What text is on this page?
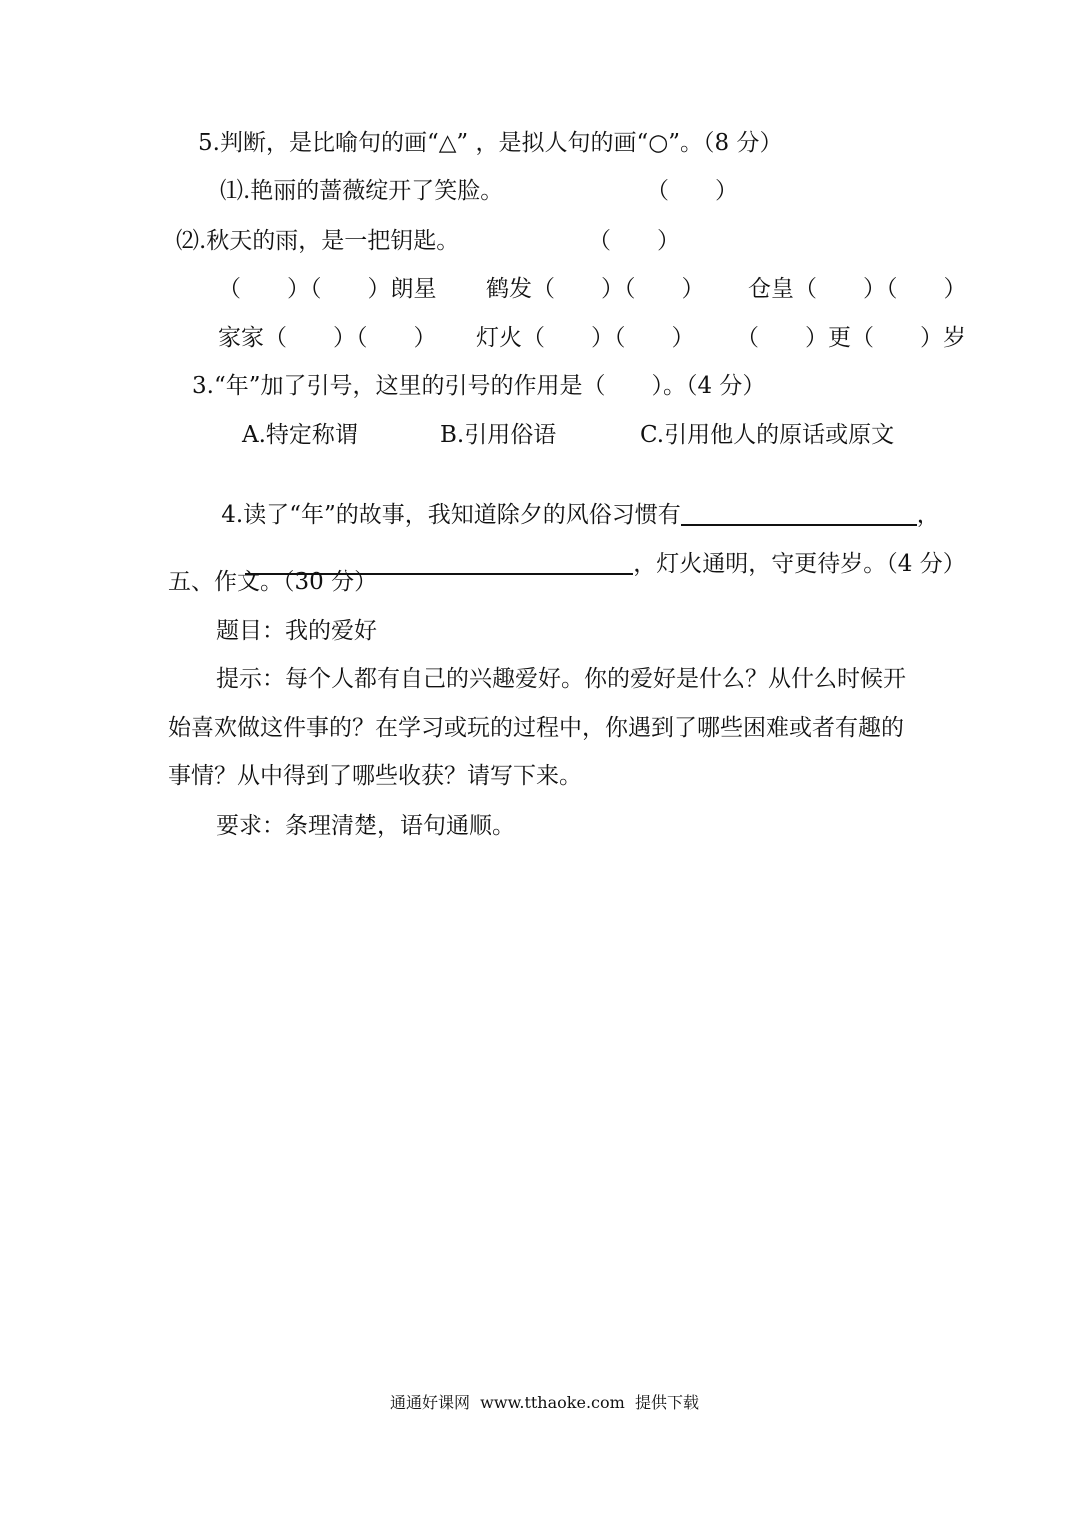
5.判断，是比喻句的画“△” ，是拟人句的画“○”。（8 分）
⑴.艳丽的蔷薇绽开了笑脸。	（　　）
⑵.秋天的雨，是一把钥匙。	（　　）
（　　）（　　）朗星 鹤发（　　）（　　） 仓皇（　　）（　　）
家家（　　）（　　） 灯火（　　）（　　） （　　）更（　　）岁
3.“年”加了引号，这里的引号的作用是（　　）。（4 分）
A.特定称谓	B.引用俗语	C.引用他人的原话或原文

4.读了“年”的故事，我知道除夕的风俗习惯有	，

，灯火通明，守更待岁。（4 分）

五、作文。（30 分）
题目：我的爱好
提示：每个人都有自己的兴趣爱好。你的爱好是什么？从什么时候开
始喜欢做这件事的？在学习或玩的过程中，你遇到了哪些困难或者有趣的
事情？从中得到了哪些收获？请写下来。
要求：条理清楚，语句通顺。
通通好课网  www.tthaoke.com  提供下载
